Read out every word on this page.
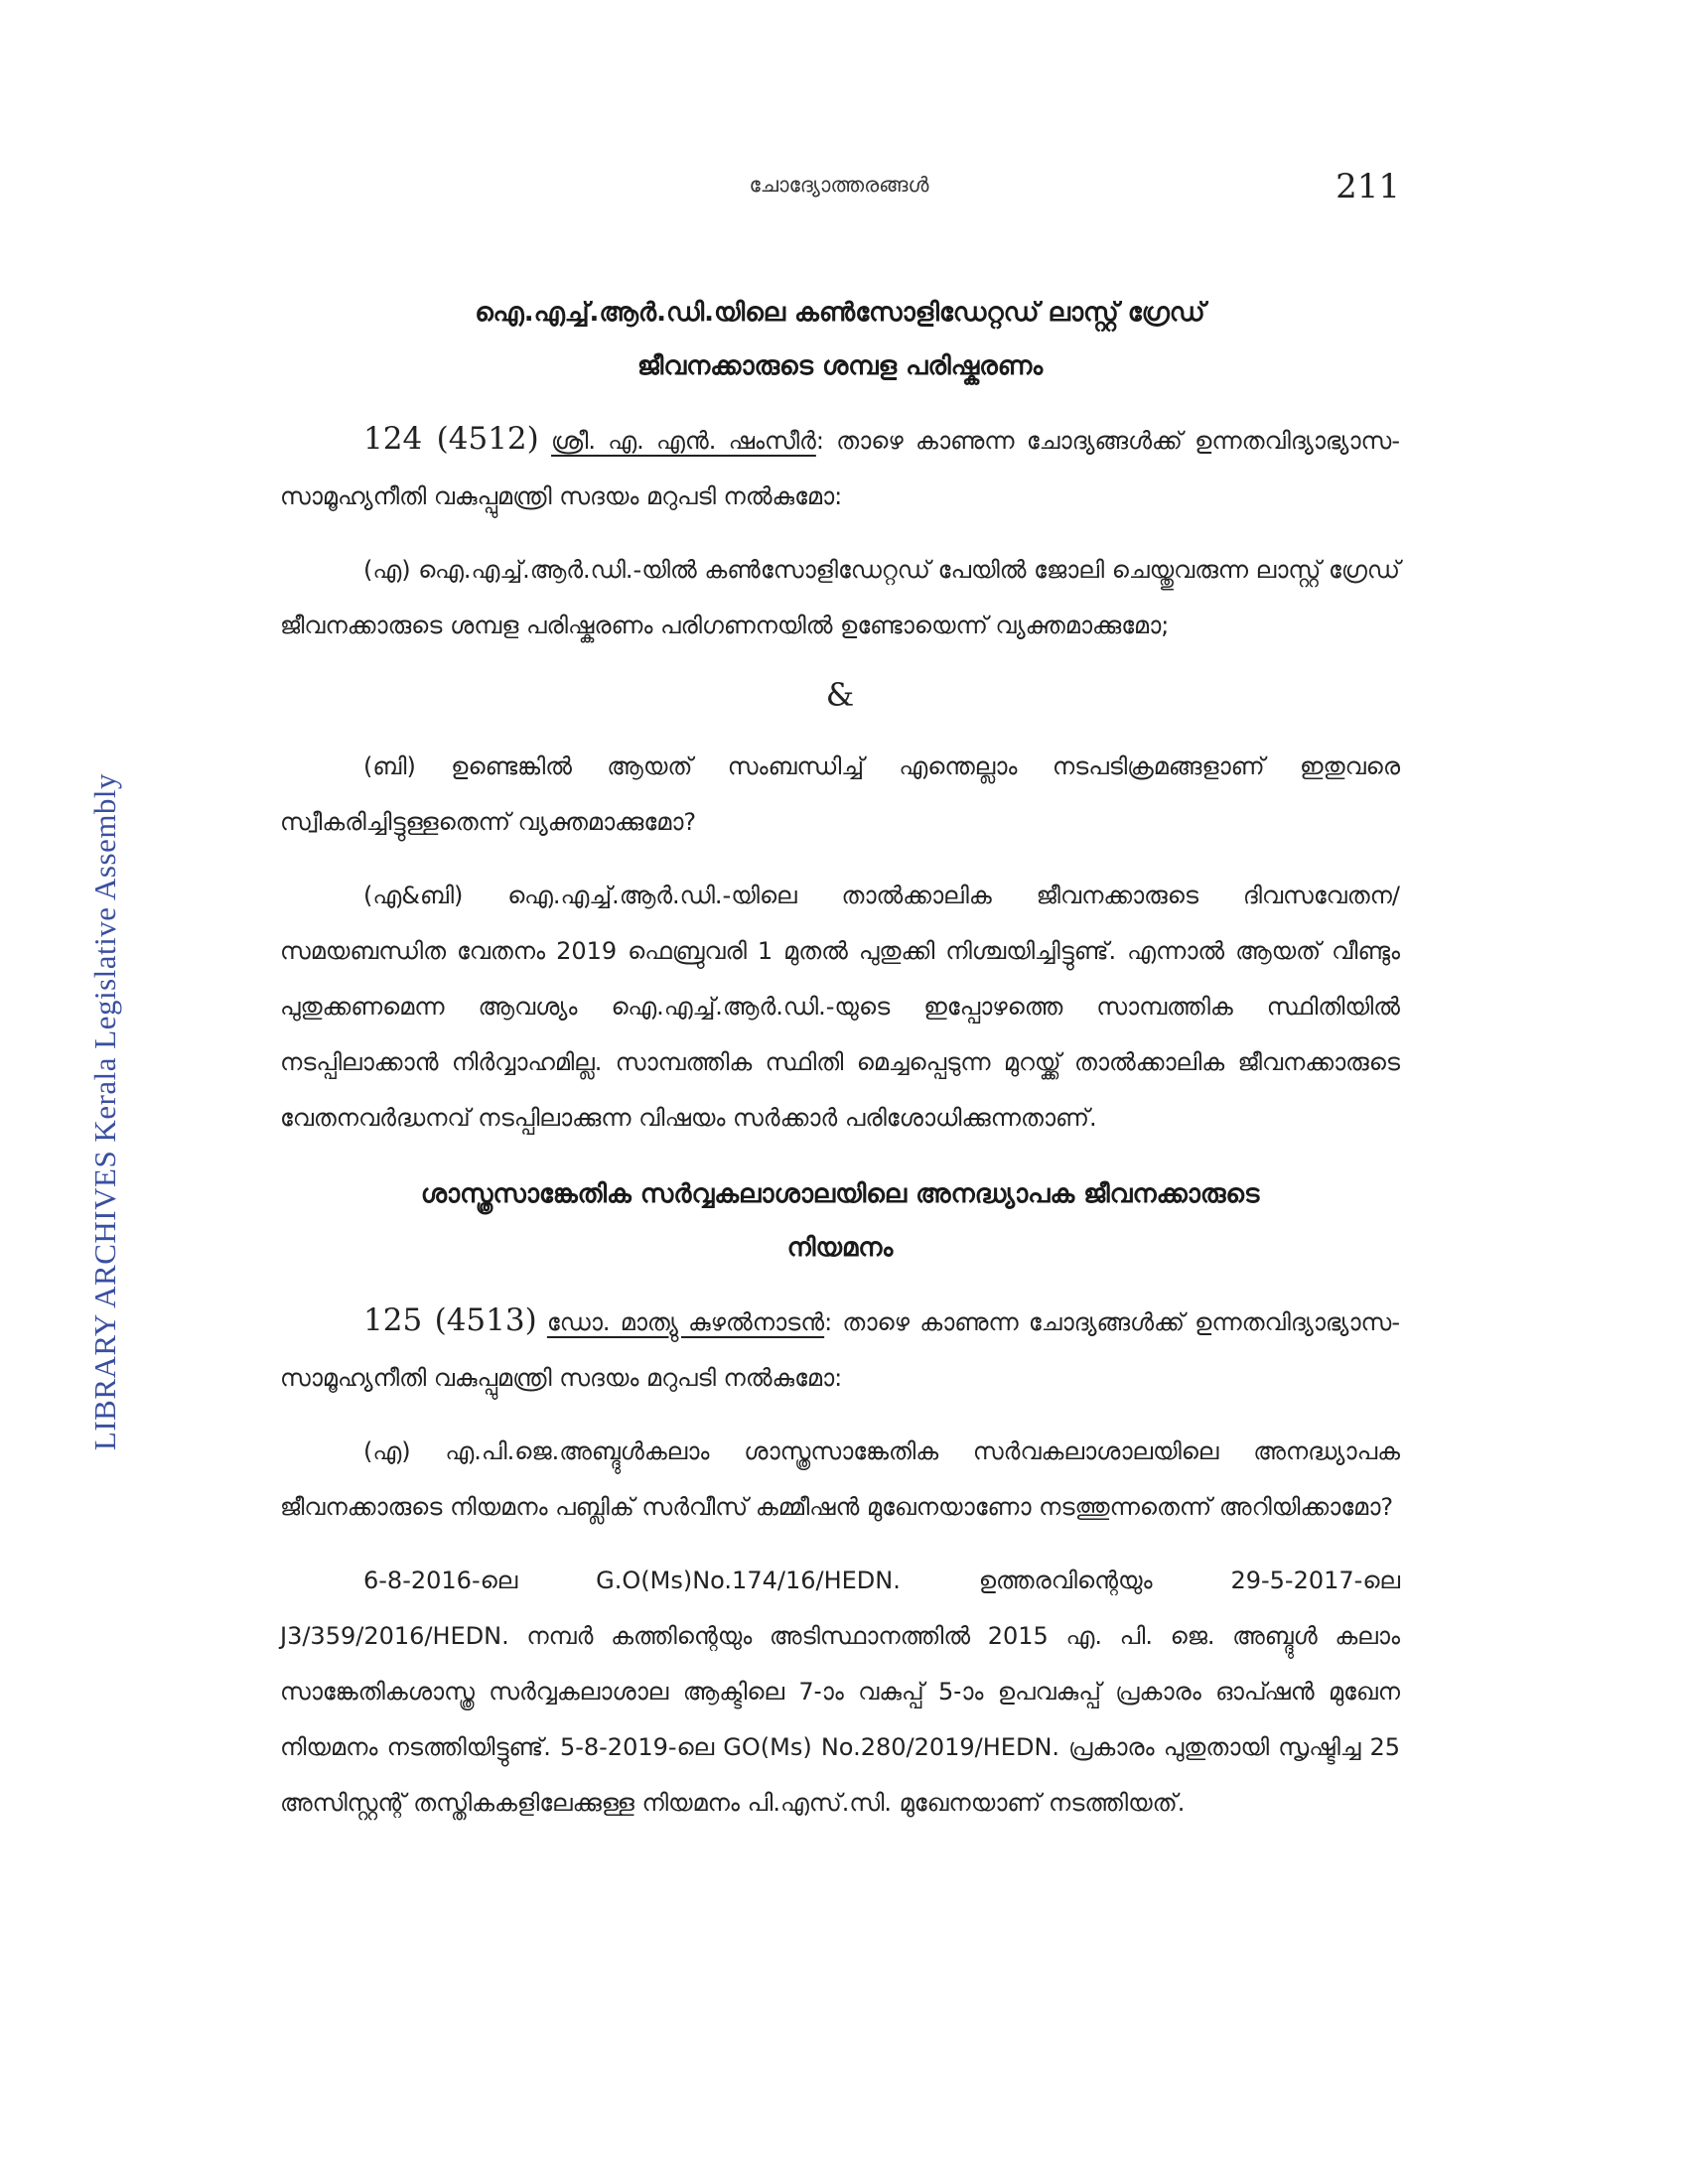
LIBRARY ARCHIVES Kerala Legislative Assembly
ചോദ്യോത്തരങ്ങൾ	211
ഐ.എച്ച്.ആർ.ഡി.യിലെ കൺസോളിഡേറ്റഡ് ലാസ്റ്റ് ഗ്രേഡ്
ജീവനക്കാരുടെ ശമ്പള പരിഷ്കരണം

124 (4512) ശ്രീ. എ. എൻ. ഷംസീർ: താഴെ കാണുന്ന ചോദ്യങ്ങൾക്ക് ഉന്നതവിദ്യാഭ്യാസ-സാമൂഹ്യനീതി വകുപ്പുമന്ത്രി സദയം മറുപടി നൽകുമോ:

(എ) ഐ.എച്ച്.ആർ.ഡി.-യിൽ കൺസോളിഡേറ്റഡ് പേയിൽ ജോലി ചെയ്തുവരുന്ന ലാസ്റ്റ് ഗ്രേഡ് ജീവനക്കാരുടെ ശമ്പള പരിഷ്കരണം പരിഗണനയിൽ ഉണ്ടോയെന്ന് വ്യക്തമാക്കുമോ;

&

(ബി) ഉണ്ടെങ്കിൽ ആയത് സംബന്ധിച്ച് എന്തെല്ലാം നടപടിക്രമങ്ങളാണ് ഇതുവരെ സ്വീകരിച്ചിട്ടുള്ളതെന്ന് വ്യക്തമാക്കുമോ?

(എ&ബി) ഐ.എച്ച്.ആർ.ഡി.-യിലെ താൽക്കാലിക ജീവനക്കാരുടെ ദിവസവേതന/ സമയബന്ധിത വേതനം 2019 ഫെബ്രുവരി 1 മുതൽ പുതുക്കി നിശ്ചയിച്ചിട്ടുണ്ട്. എന്നാൽ ആയത് വീണ്ടും പുതുക്കണമെന്ന ആവശ്യം ഐ.എച്ച്.ആർ.ഡി.-യുടെ ഇപ്പോഴത്തെ സാമ്പത്തിക സ്ഥിതിയിൽ നടപ്പിലാക്കാൻ നിർവ്വാഹമില്ല. സാമ്പത്തിക സ്ഥിതി മെച്ചപ്പെടുന്ന മുറയ്ക്ക് താൽക്കാലിക ജീവനക്കാരുടെ വേതനവർദ്ധനവ് നടപ്പിലാക്കുന്ന വിഷയം സർക്കാർ പരിശോധിക്കുന്നതാണ്.

ശാസ്ത്രസാങ്കേതിക സർവ്വകലാശാലയിലെ അനദ്ധ്യാപക ജീവനക്കാരുടെ
നിയമനം

125 (4513) ഡോ. മാത്യു കുഴൽനാടൻ: താഴെ കാണുന്ന ചോദ്യങ്ങൾക്ക് ഉന്നതവിദ്യാഭ്യാസ-സാമൂഹ്യനീതി വകുപ്പുമന്ത്രി സദയം മറുപടി നൽകുമോ:

(എ) എ.പി.ജെ.അബ്ദുൾകലാം ശാസ്ത്രസാങ്കേതിക സർവകലാശാലയിലെ അനദ്ധ്യാപക ജീവനക്കാരുടെ നിയമനം പബ്ലിക് സർവീസ് കമ്മീഷൻ മുഖേനയാണോ നടത്തുന്നതെന്ന് അറിയിക്കാമോ?

6-8-2016-ലെ G.O(Ms)No.174/16/HEDN. ഉത്തരവിന്റെയും 29-5-2017-ലെ J3/359/2016/HEDN. നമ്പർ കത്തിന്റെയും അടിസ്ഥാനത്തിൽ 2015 എ. പി. ജെ. അബ്ദുൾ കലാം സാങ്കേതികശാസ്ത്ര സർവ്വകലാശാല ആക്ടിലെ 7-ാം വകുപ്പ് 5-ാം ഉപവകുപ്പ് പ്രകാരം ഓപ്ഷൻ മുഖേന നിയമനം നടത്തിയിട്ടുണ്ട്. 5-8-2019-ലെ GO(Ms) No.280/2019/HEDN. പ്രകാരം പുതുതായി സൃഷ്ടിച്ച 25 അസിസ്റ്റന്റ് തസ്തികകളിലേക്കുള്ള നിയമനം പി.എസ്.സി. മുഖേനയാണ് നടത്തിയത്.
